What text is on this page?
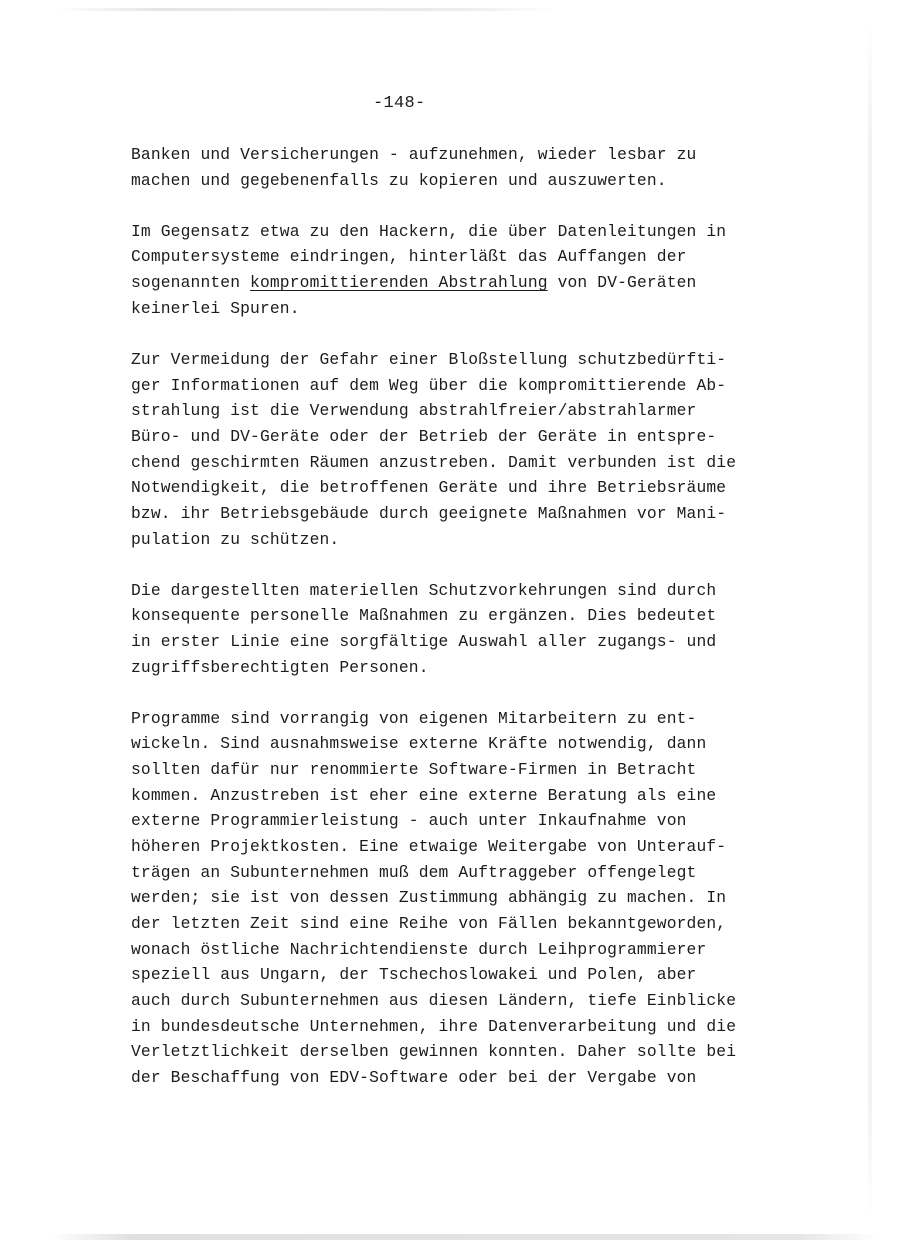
-148-
Banken und Versicherungen - aufzunehmen, wieder lesbar zu
machen und gegebenenfalls zu kopieren und auszuwerten.
Im Gegensatz etwa zu den Hackern, die über Datenleitungen in
Computersysteme eindringen, hinterläßt das Auffangen der
sogenannten kompromittierenden Abstrahlung von DV-Geräten
keinerlei Spuren.
Zur Vermeidung der Gefahr einer Bloßstellung schutzbedürfti-
ger Informationen auf dem Weg über die kompromittierende Ab-
strahlung ist die Verwendung abstrahlfreier/abstrahlarmer
Büro- und DV-Geräte oder der Betrieb der Geräte in entspre-
chend geschirmten Räumen anzustreben. Damit verbunden ist die
Notwendigkeit, die betroffenen Geräte und ihre Betriebsräume
bzw. ihr Betriebsgebäude durch geeignete Maßnahmen vor Mani-
pulation zu schützen.
Die dargestellten materiellen Schutzvorkehrungen sind durch
konsequente personelle Maßnahmen zu ergänzen. Dies bedeutet
in erster Linie eine sorgfältige Auswahl aller zugangs- und
zugriffsberechtigten Personen.
Programme sind vorrangig von eigenen Mitarbeitern zu ent-
wickeln. Sind ausnahmsweise externe Kräfte notwendig, dann
sollten dafür nur renommierte Software-Firmen in Betracht
kommen. Anzustreben ist eher eine externe Beratung als eine
externe Programmierleistung - auch unter Inkaufnahme von
höheren Projektkosten. Eine etwaige Weitergabe von Unterauf-
trägen an Subunternehmen muß dem Auftraggeber offengelegt
werden; sie ist von dessen Zustimmung abhängig zu machen. In
der letzten Zeit sind eine Reihe von Fällen bekanntgeworden,
wonach östliche Nachrichtendienste durch Leihprogrammierer
speziell aus Ungarn, der Tschechoslowakei und Polen, aber
auch durch Subunternehmen aus diesen Ländern, tiefe Einblicke
in bundesdeutsche Unternehmen, ihre Datenverarbeitung und die
Verletztlichkeit derselben gewinnen konnten. Daher sollte bei
der Beschaffung von EDV-Software oder bei der Vergabe von
